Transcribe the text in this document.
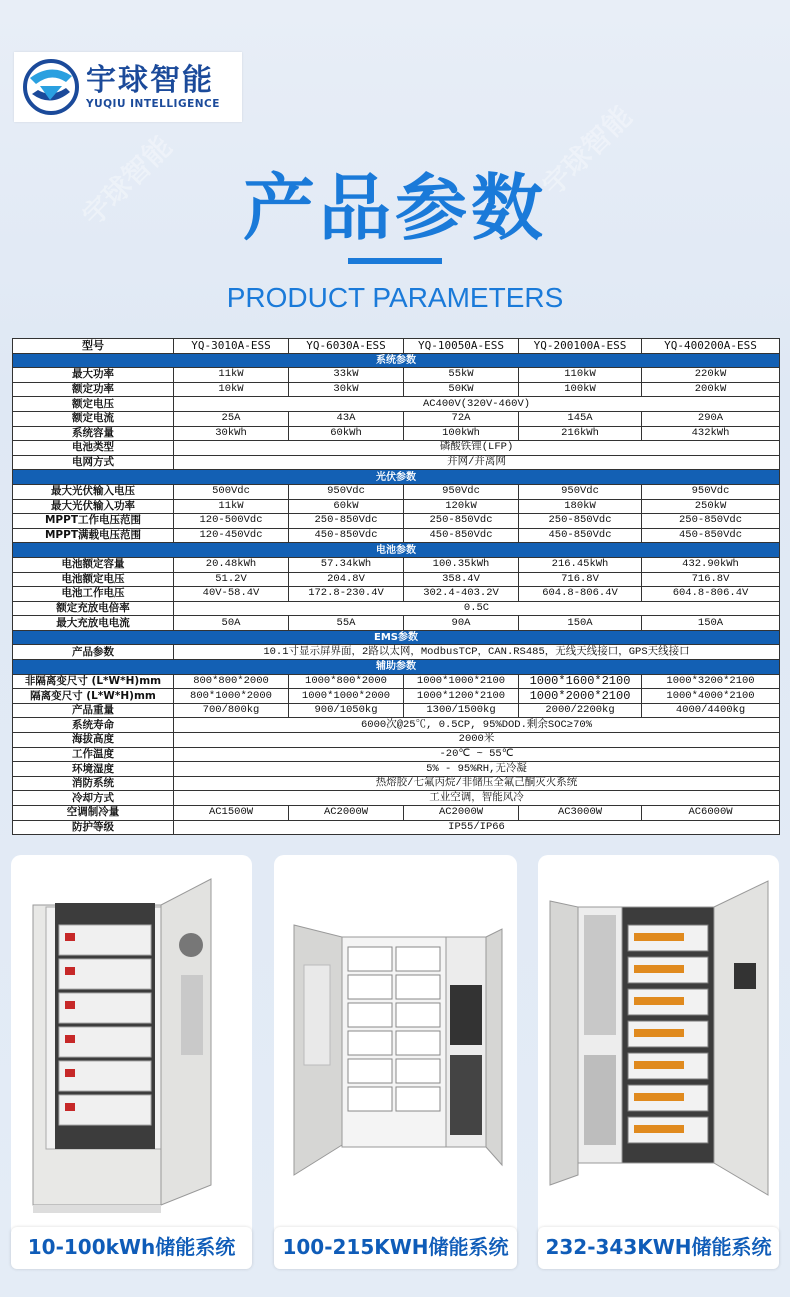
宇球智能	宇球智能
宇球智能
YUQIU INTELLIGENCE
产品参数
PRODUCT PARAMETERS
型号	YQ-3010A-ESS	YQ-6030A-ESS	YQ-10050A-ESS	YQ-200100A-ESS	YQ-400200A-ESS
系统参数					
最大功率	11kW	33kW	55kW	110kW	220kW
额定功率	10kW	30kW	50KW	100kW	200kW
额定电压	AC400V(320V-460V)				
额定电流	25A	43A	72A	145A	290A
系统容量	30kWh	60kWh	100kWh	216kWh	432kWh
电池类型	磷酸铁锂(LFP)				
电网方式	并网/并离网				
光伏参数					
最大光伏输入电压	500Vdc	950Vdc	950Vdc	950Vdc	950Vdc
最大光伏输入功率	11kW	60kW	120kW	180kW	250kW
MPPT工作电压范围	120-500Vdc	250-850Vdc	250-850Vdc	250-850Vdc	250-850Vdc
MPPT满载电压范围	120-450Vdc	450-850Vdc	450-850Vdc	450-850Vdc	450-850Vdc
电池参数					
电池额定容量	20.48kWh	57.34kWh	100.35kWh	216.45kWh	432.90kWh
电池额定电压	51.2V	204.8V	358.4V	716.8V	716.8V
电池工作电压	40V-58.4V	172.8-230.4V	302.4-403.2V	604.8-806.4V	604.8-806.4V
额定充放电倍率	0.5C				
最大充放电电流	50A	55A	90A	150A	150A
EMS参数					
产品参数	10.1寸显示屏界面，2路以太网，ModbusTCP，CAN.RS485，无线天线接口，GPS天线接口				
辅助参数					
非隔离变尺寸 (L*W*H)mm	800*800*2000	1000*800*2000	1000*1000*2100	1000*1600*2100	1000*3200*2100
隔离变尺寸 (L*W*H)mm	800*1000*2000	1000*1000*2000	1000*1200*2100	1000*2000*2100	1000*4000*2100
产品重量	700/800kg	900/1050kg	1300/1500kg	2000/2200kg	4000/4400kg
系统寿命	6000次@25℃, 0.5CP, 95%DOD.剩余SOC≥70%				
海拔高度	2000米				
工作温度	-20℃ ~ 55℃				
环境湿度	5% - 95%RH,无冷凝				
消防系统	热熔胶/七氟丙烷/非储压全氟己酮灭火系统				
冷却方式	工业空调，智能风冷				
空调制冷量	AC1500W	AC2000W	AC2000W	AC3000W	AC6000W
防护等级	IP55/IP66				
10-100kWh储能系统	100-215KWH储能系统	232-343KWH储能系统
